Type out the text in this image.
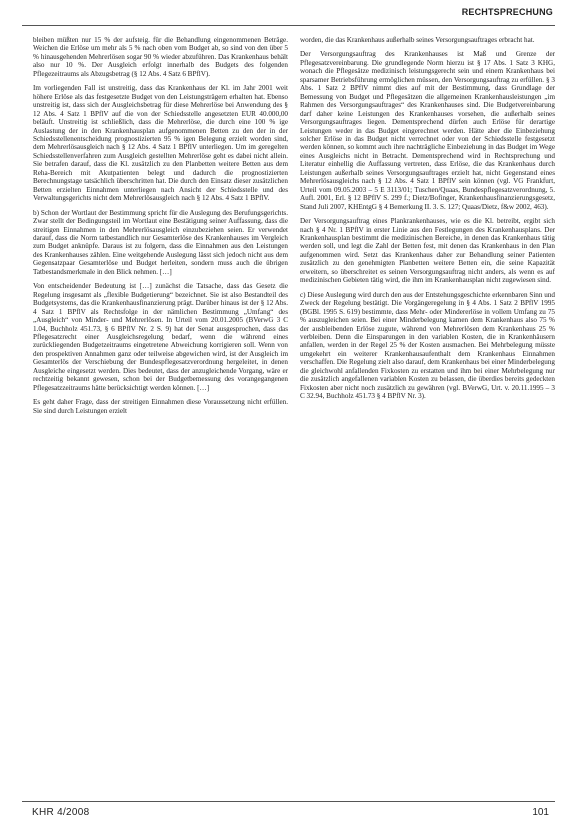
RECHTSPRECHUNG

bleiben müßten nur 15 % der aufsteig. für die Behandlung eingenommenen Beträge. Weichen die Erlöse um mehr als 5 % nach oben vom Budget ab, so sind von den über 5 % hinausgehenden Mehrerlösen sogar 90 % wieder abzuführen. Das Krankenhaus behält also nur 10 %. Der Ausgleich erfolgt innerhalb des Budgets des folgenden Pflegezeitraums als Abzugsbetrag (§ 12 Abs. 4 Satz 6 BPflV).

Im vorliegenden Fall ist unstreitig, dass das Krankenhaus der Kl. im Jahr 2001 weit höhere Erlöse als das festgesetzte Budget von den Leistungsträgern erhalten hat. Ebenso unstreitig ist, dass sich der Ausgleichsbetrag für diese Mehrerlöse bei Anwendung des § 12 Abs. 4 Satz 1 BPflV auf die von der Schiedsstelle angesetzten EUR 40.000,00 beläuft. Unstreitig ist schließlich, dass die Mehrerlöse, die durch eine 100 % ige Auslastung der in den Krankenhausplan aufgenommenen Betten zu den der in der Schiedsstellenentscheidung prognostizierten 95 % igen Belegung erzielt worden sind, dem Mehrerlösausgleich nach § 12 Abs. 4 Satz 1 BPflV unterliegen. Um im geregelten Schiedsstellenverfahren zum Ausgleich gestellten Mehrerlöse geht es dabei nicht allein. Sie betrafen darauf, dass die Kl. zusätzlich zu den Planbetten weitere Betten aus dem Reha-Bereich mit Akutpatienten belegt und dadurch die prognostizierten Berechnungstage tatsächlich überschritten hat. Die durch den Einsatz dieser zusätzlichen Betten erzielten Einnahmen unterliegen nach Ansicht der Schiedsstelle und des Verwaltungsgerichts nicht dem Mehrerlösausgleich nach § 12 Abs. 4 Satz 1 BPflV.

b) Schon der Wortlaut der Bestimmung spricht für die Auslegung des Berufungsgerichts. Zwar stellt der Bedingungsteil im Wortlaut eine Bestätigung seiner Auffassung, dass die streitigen Einnahmen in den Mehrerlösausgleich einzubeziehen seien. Er verwendet darauf, dass die Norm tatbestandlich nur Gesamterlöse des Krankenhauses im Vergleich zum Budget anknüpfe. Daraus ist zu folgern, dass die Einnahmen aus den Leistungen des Krankenhauses zählen. Eine weitgehende Auslegung lässt sich jedoch nicht aus dem Gegensatzpaar Gesamterlöse und Budget herleiten, sondern muss auch die übrigen Tatbestandsmerkmale in den Blick nehmen. […]

Von entscheidender Bedeutung ist […] zunächst die Tatsache, dass das Gesetz die Regelung insgesamt als „flexible Budgetierung“ bezeichnet. Sie ist also Bestandteil des Budgetsystems, das die Krankenhausfinanzierung prägt. Darüber hinaus ist der § 12 Abs. 4 Satz 1 BPflV als Rechtsfolge in der nämlichen Bestimmung „Umfang“ des „Ausgleich“ von Minder- und Mehrerlösen. In Urteil vom 20.01.2005 (BVerwG 3 C 1.04, Buchholz 451.73, § 6 BPflV Nr. 2 S. 9) hat der Senat ausgesprochen, dass das Pflegesatzrecht einer Ausgleichsregelung bedarf, wenn die während eines zurückliegenden Budgetzeitraums eingetretene Abweichung korrigieren soll. Wenn von den prospektiven Annahmen ganz oder teilweise abgewichen wird, ist der Ausgleich im Gesamterlös der Verschiebung der Bundespflegesatzverordnung hergeleitet, in denen Ausgleiche eingesetzt werden. Dies bedeutet, dass der anzugleichende Vorgang, wäre er rechtzeitig bekannt gewesen, schon bei der Budgetbemessung des vorangegangenen Pflegesatzzeitraums hätte berücksichtigt werden können. […]

Es geht daher Frage, dass der streitigen Einnahmen diese Voraussetzung nicht erfüllen. Sie sind durch Leistungen erzielt

worden, die das Krankenhaus außerhalb seines Versorgungsauftrages erbracht hat.

Der Versorgungsauftrag des Krankenhauses ist Maß und Grenze der Pflegesatzvereinbarung. Die grundlegende Norm hierzu ist § 17 Abs. 1 Satz 3 KHG, wonach die Pflegesätze medizinisch leistungsgerecht sein und einem Krankenhaus bei sparsamer Betriebsführung ermöglichen müssen, den Versorgungsauftrag zu erfüllen. § 3 Abs. 1 Satz 2 BPflV nimmt dies auf mit der Bestimmung, dass Grundlage der Bemessung von Budget und Pflegesätzen die allgemeinen Krankenhausleistungen „im Rahmen des Versorgungsauftrages“ des Krankenhauses sind. Die Budgetvereinbarung darf daher keine Leistungen des Krankenhauses vorsehen, die außerhalb seines Versorgungsauftrages liegen. Dementsprechend dürfen auch Erlöse für derartige Leistungen weder in das Budget eingerechnet werden. Hätte aber die Einbeziehung solcher Erlöse in das Budget nicht verrechnet oder von der Schiedsstelle festgesetzt werden können, so kommt auch ihre nachträgliche Einbeziehung in das Budget im Wege eines Ausgleichs nicht in Betracht. Dementsprechend wird in Rechtsprechung und Literatur einhellig die Auffassung vertreten, dass Erlöse, die das Krankenhaus durch Leistungen außerhalb seines Versorgungsauftrages erzielt hat, nicht Gegenstand eines Mehrerlösausgleichs nach § 12 Abs. 4 Satz 1 BPflV sein können (vgl. VG Frankfurt, Urteil vom 09.05.2003 – 5 E 3113/01; Tuschen/Quaas, Bundespflegesatzverordnung, 5. Aufl. 2001, Erl. § 12 BPflV S. 299 f.; Dietz/Bofinger, Krankenhausfinanzierungsgesetz, Stand Juli 2007, KHEntgG § 4 Bemerkung II. 3. S. 127; Quaas/Dietz, f&w 2002, 463).

Der Versorgungsauftrag eines Plankrankenhauses, wie es die Kl. betreibt, ergibt sich nach § 4 Nr. 1 BPflV in erster Linie aus den Festlegungen des Krankenhausplans. Der Krankenhausplan bestimmt die medizinischen Bereiche, in denen das Krankenhaus tätig werden soll, und legt die Zahl der Betten fest, mit denen das Krankenhaus in den Plan aufgenommen wird. Setzt das Krankenhaus daher zur Behandlung seiner Patienten zusätzlich zu den genehmigten Planbetten weitere Betten ein, die seine Kapazität erweitern, so überschreitet es seinen Versorgungsauftrag nicht anders, als wenn es auf medizinischen Gebieten tätig wird, die ihm im Krankenhausplan nicht zugewiesen sind.

c) Diese Auslegung wird durch den aus der Entstehungsgeschichte erkennbaren Sinn und Zweck der Regelung bestätigt. Die Vorgängeregelung in § 4 Abs. 1 Satz 2 BPflV 1995 (BGBl. 1995 S. 619) bestimmte, dass Mehr- oder Mindererlöse in vollem Umfang zu 75 % auszugleichen seien. Bei einer Minderbelegung kamen dem Krankenhaus also 75 % der ausbleibenden Erlöse zugute, während von Mehrerlösen dem Krankenhaus 25 % verbleiben. Denn die Einsparungen in den variablen Kosten, die in Krankenhäusern anfallen, werden in der Regel 25 % der Kosten ausmachen. Bei Mehrbelegung müsste umgekehrt ein weiterer Krankenhausaufenthalt dem Krankenhaus Einnahmen verschaffen. Die Regelung zielt also darauf, dem Krankenhaus bei einer Minderbelegung die gleichwohl anfallenden Fixkosten zu erstatten und ihm bei einer Mehrbelegung nur die zusätzlich angefallenen variablen Kosten zu belassen, die überdies bereits gedeckten Fixkosten aber nicht noch zusätzlich zu gewähren (vgl. BVerwG, Urt. v. 20.11.1995 – 3 C 32.94, Buchholz 451.73 § 4 BPflV Nr. 3).

KHR 4/2008	101
